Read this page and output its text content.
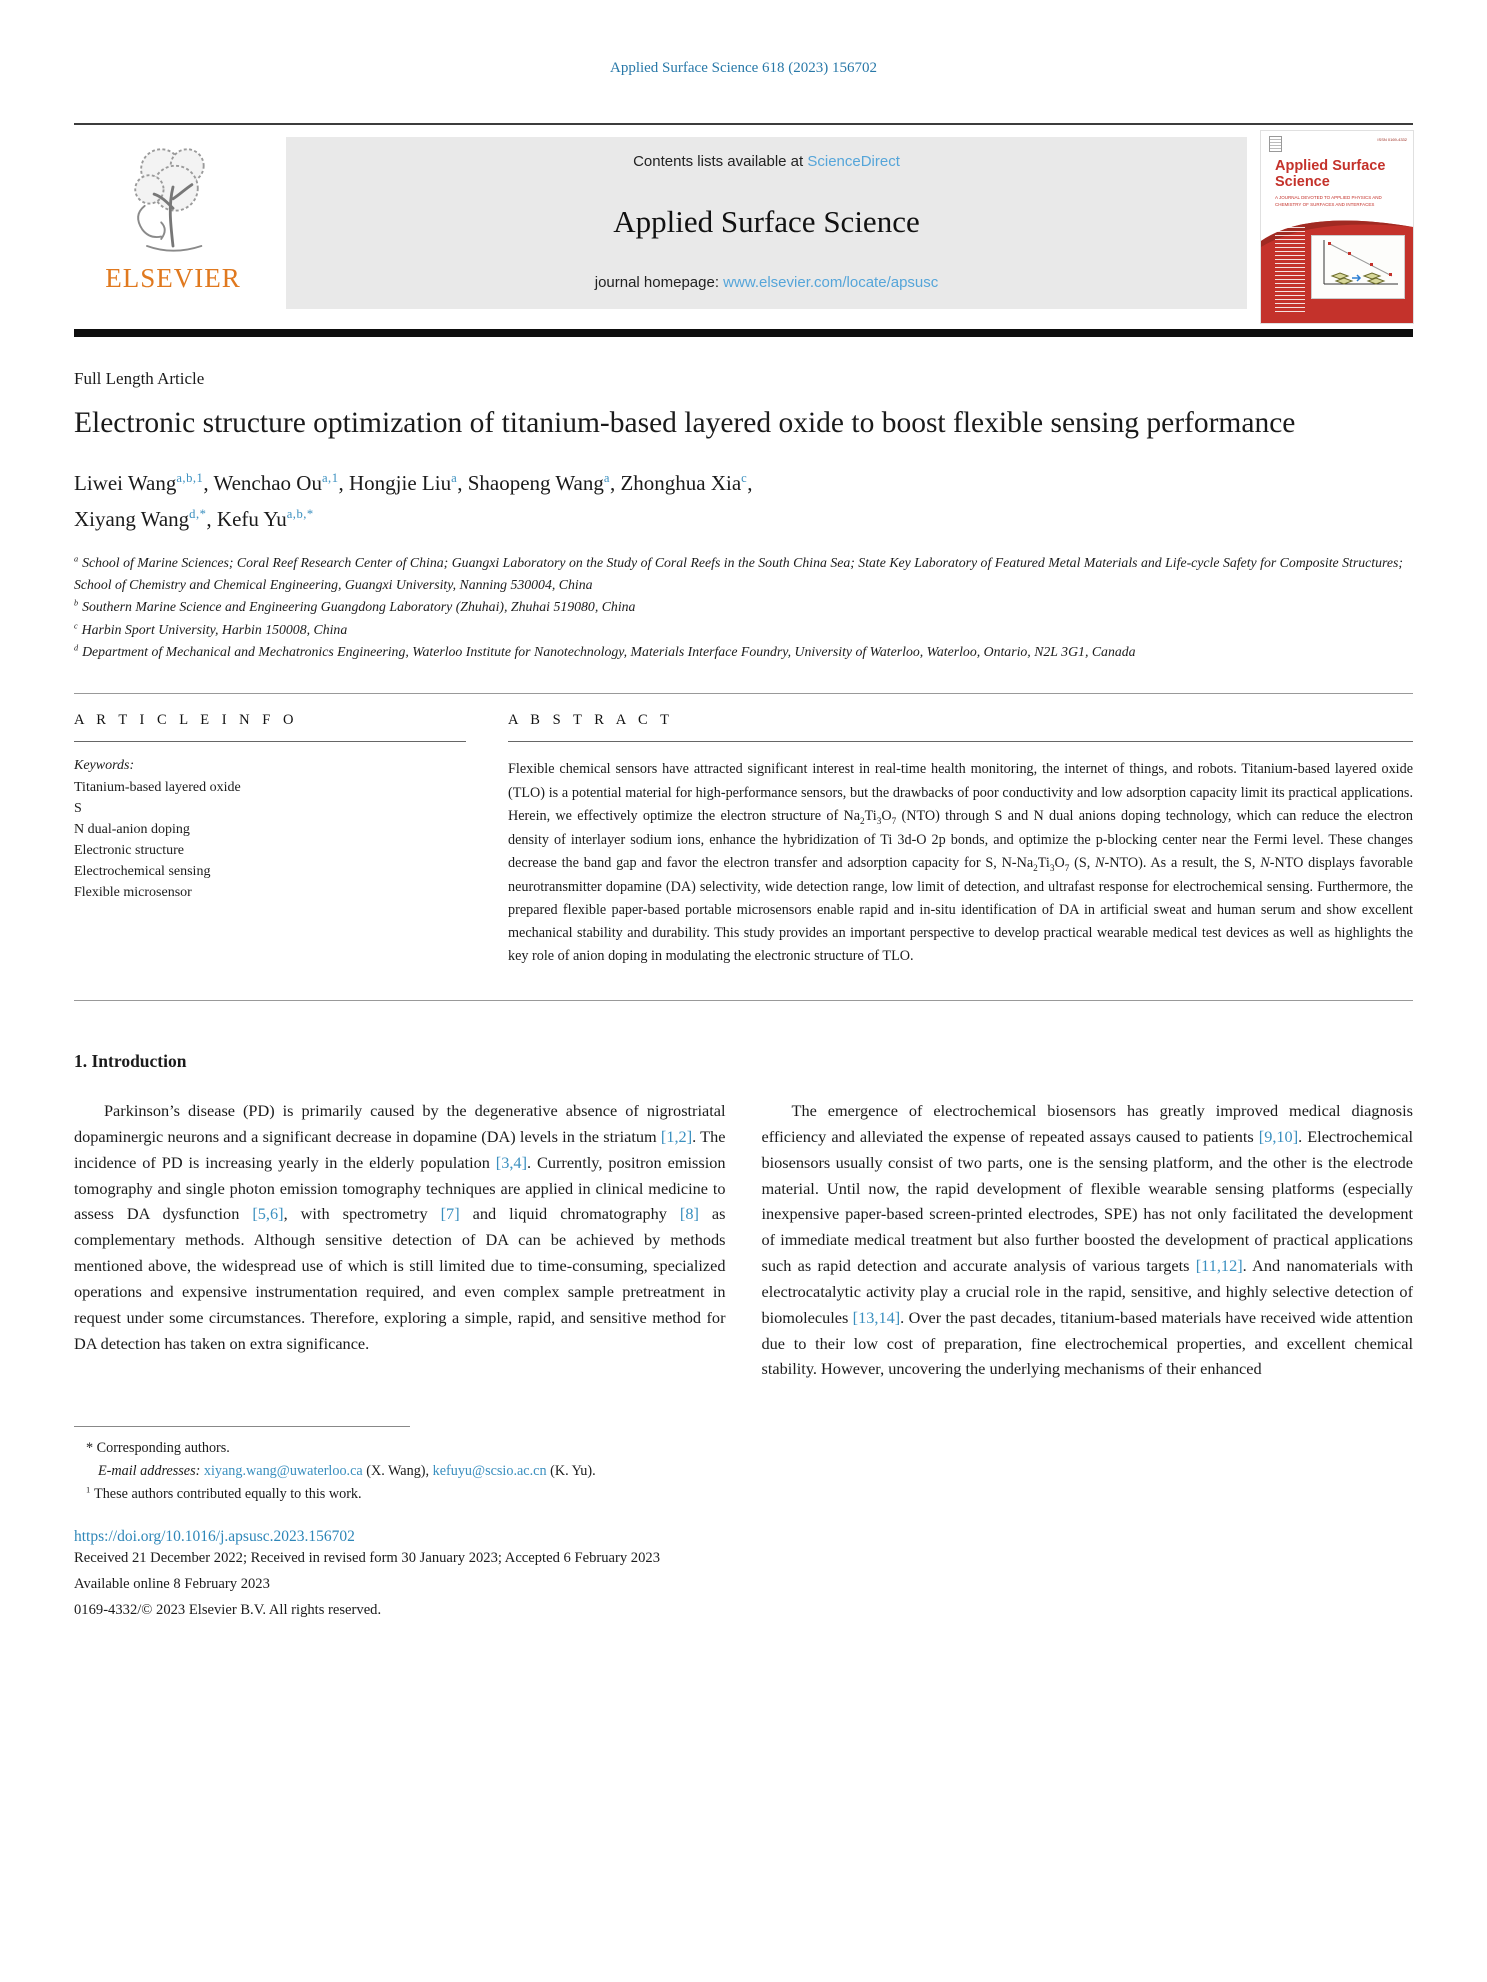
Applied Surface Science 618 (2023) 156702
ELSEVIER
Contents lists available at ScienceDirect
Applied Surface Science
journal homepage: www.elsevier.com/locate/apsusc
ISSN 0169-4332
Applied Surface Science
A JOURNAL DEVOTED TO APPLIED PHYSICS AND CHEMISTRY OF SURFACES AND INTERFACES
EDITORS
Full Length Article
Electronic structure optimization of titanium-based layered oxide to boost flexible sensing performance
Liwei Wang$^{a,b,1}$, Wenchao Ou$^{a,1}$, Hongjie Liu$^a$, Shaopeng Wang$^a$, Zhonghua Xia$^c$,
Xiyang Wang$^{d,*}$, Kefu $Yu^{a,b,*}$
$^a$ School of Marine Sciences; Coral Reef Research Center of China; Guangxi Laboratory on the Study of Coral Reefs in the South China Sea; State Key Laboratory of Featured Metal Materials and Life-cycle Safety for Composite Structures; School of Chemistry and Chemical Engineering, Guangxi University, Nanning 530004, China
$^b$ Southern Marine Science and Engineering Guangdong Laboratory (Zhuhai), Zhuhai 519080, China
$^c$ Harbin Sport University, Harbin 150008, China
$^d$ Department of Mechanical and Mechatronics Engineering, Waterloo Institute for Nanotechnology, Materials Interface Foundry, University of Waterloo, Waterloo, Ontario, N2L 3G1, Canada
A R T I C L E I N F O
Keywords:
Titanium-based layered oxide
S
N dual-anion doping
Electronic structure
Electrochemical sensing
Flexible microsensor
A B S T R A C T
Flexible chemical sensors have attracted significant interest in real-time health monitoring, the internet of things, and robots. Titanium-based layered oxide (TLO) is a potential material for high-performance sensors, but the drawbacks of poor conductivity and low adsorption capacity limit its practical applications. Herein, we effectively optimize the electron structure of $Na_2Ti_3O_7$ (NTO) through S and N dual anions doping technology, which can reduce the electron density of interlayer sodium ions, enhance the hybridization of Ti 3d-O 2p bonds, and optimize the p-blocking center near the Fermi level. These changes decrease the band gap and favor the electron transfer and adsorption capacity for S, $N-Na_2Ti_3O_7$ (S, N-NTO). As a result, the S, N-NTO displays favorable neurotransmitter dopamine (DA) selectivity, wide detection range, low limit of detection, and ultrafast response for electrochemical sensing. Furthermore, the prepared flexible paper-based portable microsensors enable rapid and in-situ identification of DA in artificial sweat and human serum and show excellent mechanical stability and durability. This study provides an important perspective to develop practical wearable medical test devices as well as highlights the key role of anion doping in modulating the electronic structure of TLO.
1. Introduction

Parkinson’s disease (PD) is primarily caused by the degenerative absence of nigrostriatal dopaminergic neurons and a significant decrease in dopamine (DA) levels in the striatum [1,2]. The incidence of PD is increasing yearly in the elderly population [3,4]. Currently, positron emission tomography and single photon emission tomography techniques are applied in clinical medicine to assess DA dysfunction [5,6], with spectrometry [7] and liquid chromatography [8] as complementary methods. Although sensitive detection of DA can be achieved by methods mentioned above, the widespread use of which is still limited due to time-consuming, specialized operations and expensive instrumentation required, and even complex sample pretreatment in request under some circumstances. Therefore, exploring a simple, rapid, and sensitive method for DA detection has taken on extra significance.

The emergence of electrochemical biosensors has greatly improved medical diagnosis efficiency and alleviated the expense of repeated assays caused to patients [9,10]. Electrochemical biosensors usually consist of two parts, one is the sensing platform, and the other is the electrode material. Until now, the rapid development of flexible wearable sensing platforms (especially inexpensive paper-based screen-printed electrodes, SPE) has not only facilitated the development of immediate medical treatment but also further boosted the development of practical applications such as rapid detection and accurate analysis of various targets [11,12]. And nanomaterials with electrocatalytic activity play a crucial role in the rapid, sensitive, and highly selective detection of biomolecules [13,14]. Over the past decades, titanium-based materials have received wide attention due to their low cost of preparation, fine electrochemical properties, and excellent chemical stability. However, uncovering the underlying mechanisms of their enhanced

* Corresponding authors.
E-mail addresses: xiyang.wang@uwaterloo.ca (X. Wang), kefuyu@scsio.ac.cn (K. Yu).
$^1$ These authors contributed equally to this work.
https://doi.org/10.1016/j.apsusc.2023.156702
Received 21 December 2022; Received in revised form 30 January 2023; Accepted 6 February 2023
Available online 8 February 2023
0169-4332/© 2023 Elsevier B.V. All rights reserved.
